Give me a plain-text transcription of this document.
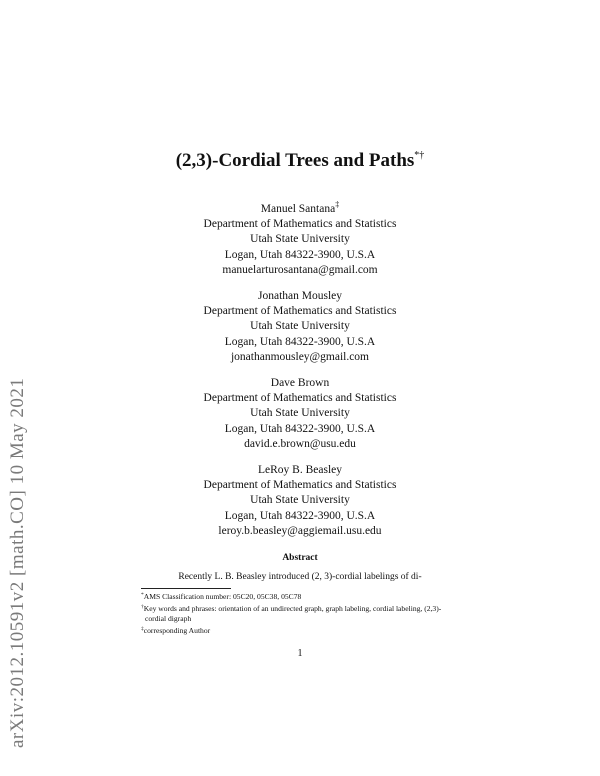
arXiv:2012.10591v2 [math.CO] 10 May 2021
(2,3)-Cordial Trees and Paths*†
Manuel Santana‡
Department of Mathematics and Statistics
Utah State University
Logan, Utah 84322-3900, U.S.A
manuelarturosantana@gmail.com
Jonathan Mousley
Department of Mathematics and Statistics
Utah State University
Logan, Utah 84322-3900, U.S.A
jonathanmousley@gmail.com
Dave Brown
Department of Mathematics and Statistics
Utah State University
Logan, Utah 84322-3900, U.S.A
david.e.brown@usu.edu
LeRoy B. Beasley
Department of Mathematics and Statistics
Utah State University
Logan, Utah 84322-3900, U.S.A
leroy.b.beasley@aggiemail.usu.edu
Abstract
Recently L. B. Beasley introduced (2, 3)-cordial labelings of di-
*AMS Classification number: 05C20, 05C38, 05C78
†Key words and phrases: orientation of an undirected graph, graph labeling, cordial labeling, (2,3)-cordial digraph
‡corresponding Author
1
